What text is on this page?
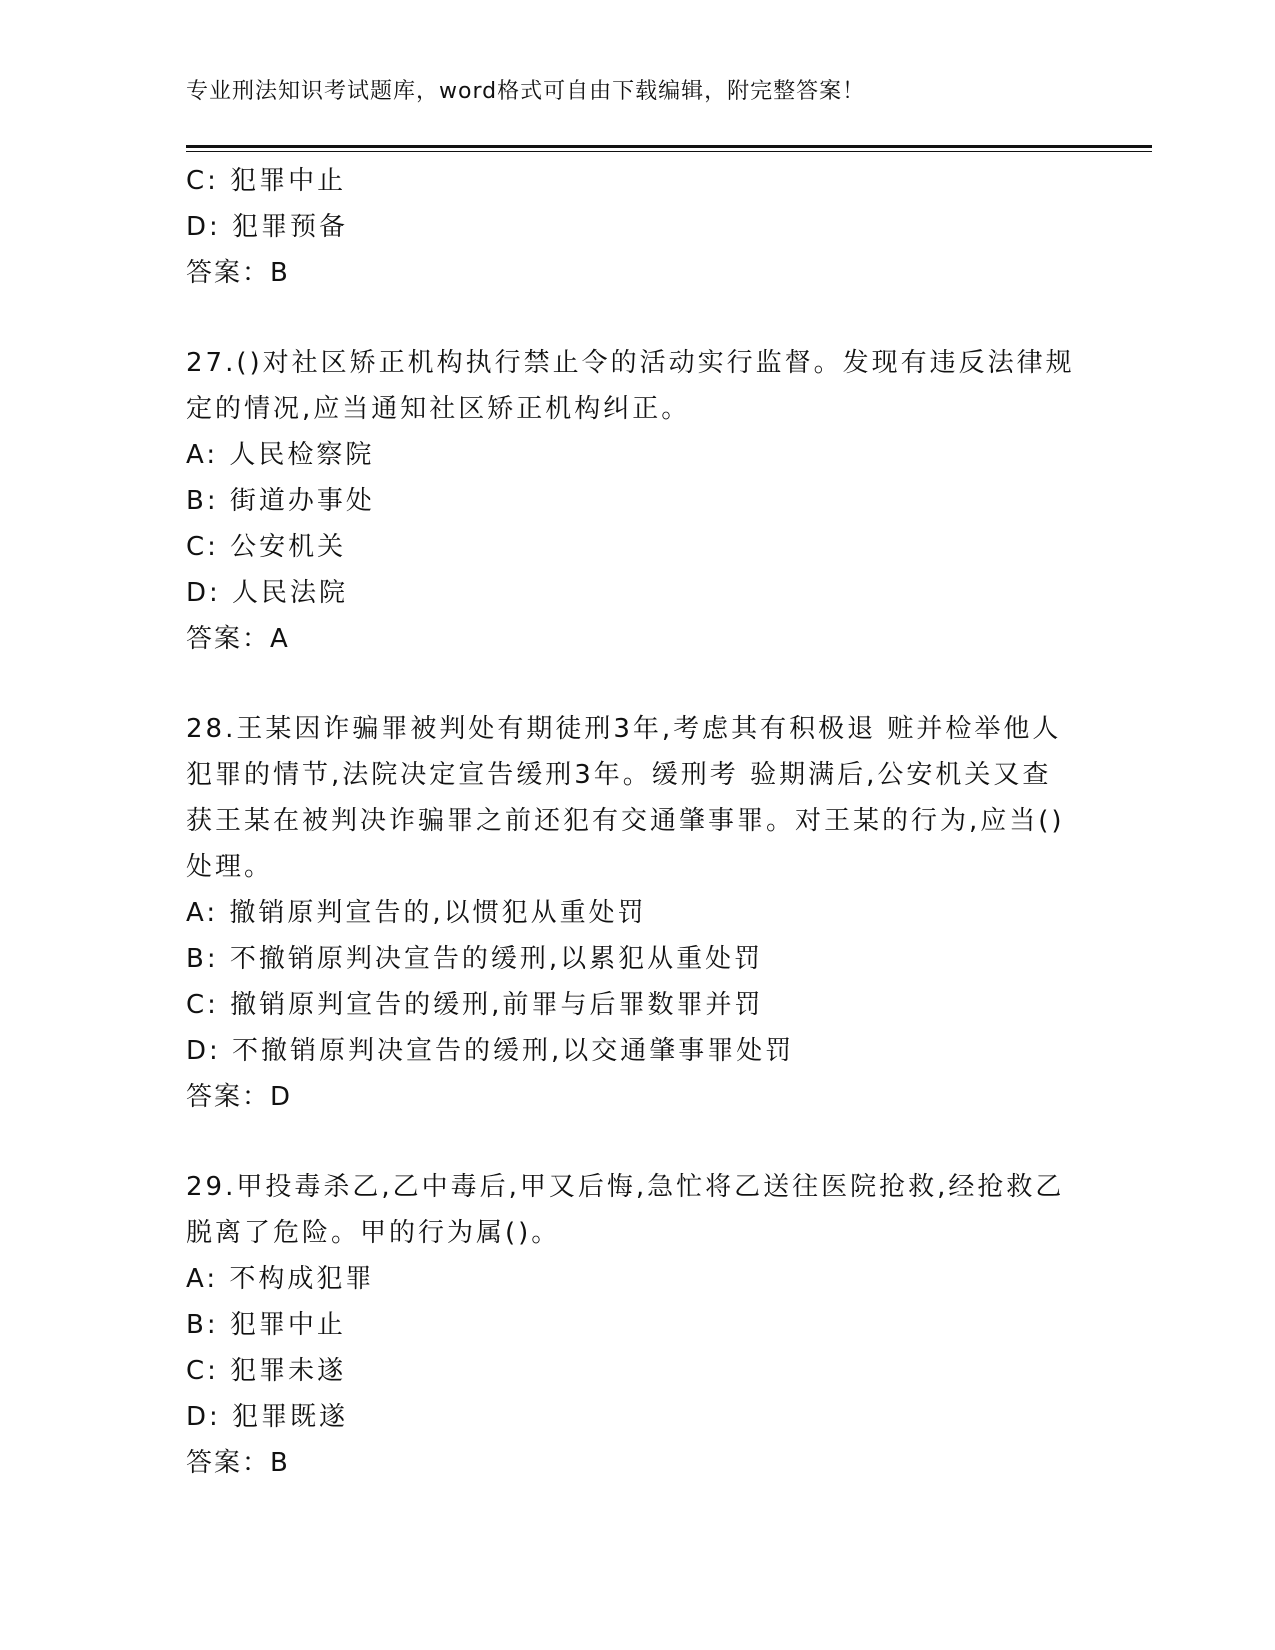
专业刑法知识考试题库，word格式可自由下载编辑，附完整答案！
C: 犯罪中止
D: 犯罪预备
答案：B
27.()对社区矫正机构执行禁止令的活动实行监督。发现有违反法律规
定的情况,应当通知社区矫正机构纠正。
A: 人民检察院
B: 街道办事处
C: 公安机关
D: 人民法院
答案：A
28.王某因诈骗罪被判处有期徒刑3年,考虑其有积极退 赃并检举他人
犯罪的情节,法院决定宣告缓刑3年。缓刑考 验期满后,公安机关又查
获王某在被判决诈骗罪之前还犯有交通肇事罪。对王某的行为,应当()
处理。
A: 撤销原判宣告的,以惯犯从重处罚
B: 不撤销原判决宣告的缓刑,以累犯从重处罚
C: 撤销原判宣告的缓刑,前罪与后罪数罪并罚
D: 不撤销原判决宣告的缓刑,以交通肇事罪处罚
答案：D
29.甲投毒杀乙,乙中毒后,甲又后悔,急忙将乙送往医院抢救,经抢救乙
脱离了危险。甲的行为属()。
A: 不构成犯罪
B: 犯罪中止
C: 犯罪未遂
D: 犯罪既遂
答案：B
